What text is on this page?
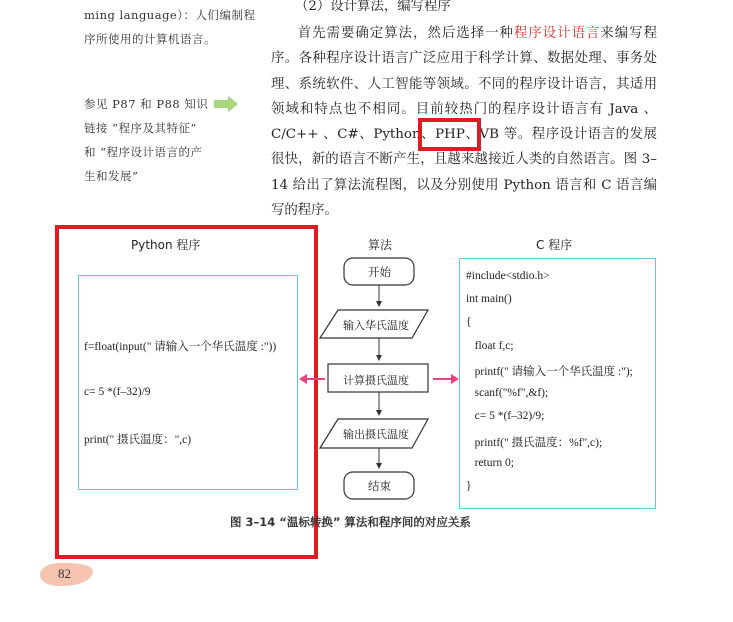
ming language）：人们编制程
序所使用的计算机语言。
参见 P87 和 P88 知识
链接 “程序及其特征”
和 “程序设计语言的产
生和发展”
（2）设计算法，编写程序

首先需要确定算法，然后选择一种程序设计语言来编写程序。各种程序设计语言广泛应用于科学计算、数据处理、事务处理、系统软件、人工智能等领域。不同的程序设计语言，其适用领域和特点也不相同。目前较热门的程序设计语言有 Java 、C/C++ 、C#、Python、PHP、VB 等。程序设计语言的发展很快，新的语言不断产生，且越来越接近人类的自然语言。图 3–14 给出了算法流程图，以及分别使用 Python 语言和 C 语言编写的程序。

Python 程序	算法	C 程序
f=float(input(" 请输入一个华氏温度 :"))
c= 5 *(f–32)/9
print(" 摄氏温度：",c)
#include<stdio.h>
int main()
{
float f,c;
printf(" 请输入一个华氏温度 :");
scanf("%f",&f);
c= 5 *(f–32)/9;
printf(" 摄氏温度：%f",c);
return 0;
}
开始
输入华氏温度
计算摄氏温度
输出摄氏温度
结束
图 3–14 “温标转换” 算法和程序间的对应关系
82
